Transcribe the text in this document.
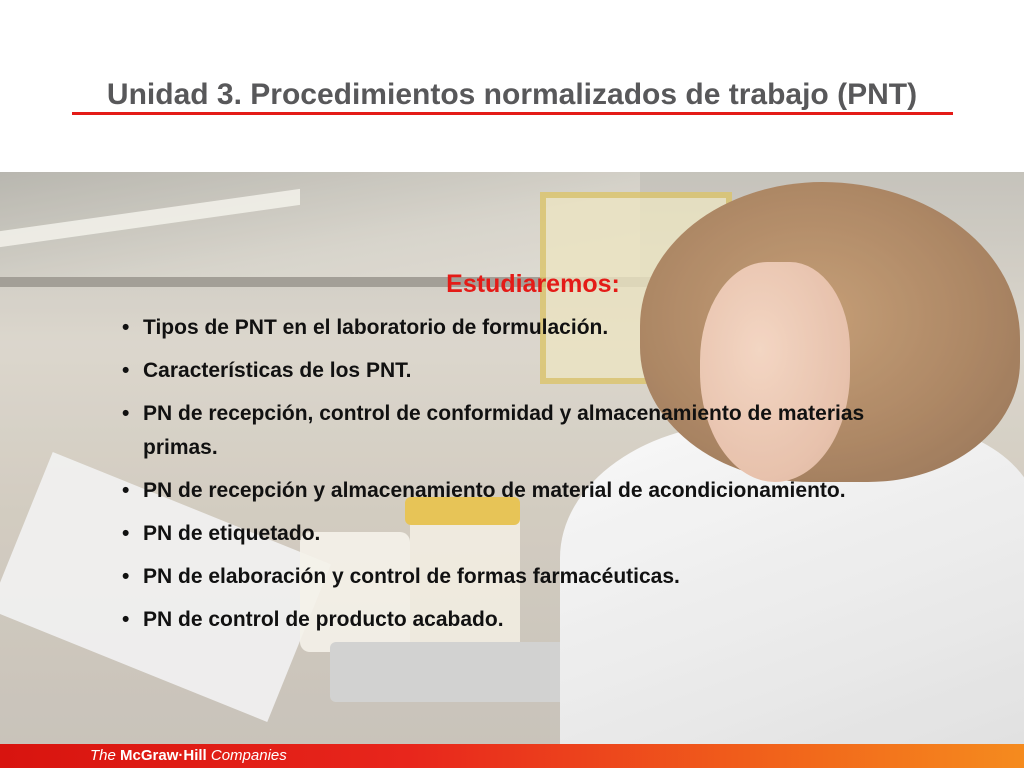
Unidad 3. Procedimientos normalizados de trabajo (PNT)
Estudiaremos:
• Tipos de PNT en el laboratorio de formulación.
• Características de los PNT.
• PN de recepción, control de conformidad y almacenamiento de materias primas.
• PN de recepción y almacenamiento de material de acondicionamiento.
• PN de etiquetado.
• PN de elaboración y control de formas farmacéuticas.
• PN de control de producto acabado.
The McGraw·Hill Companies
